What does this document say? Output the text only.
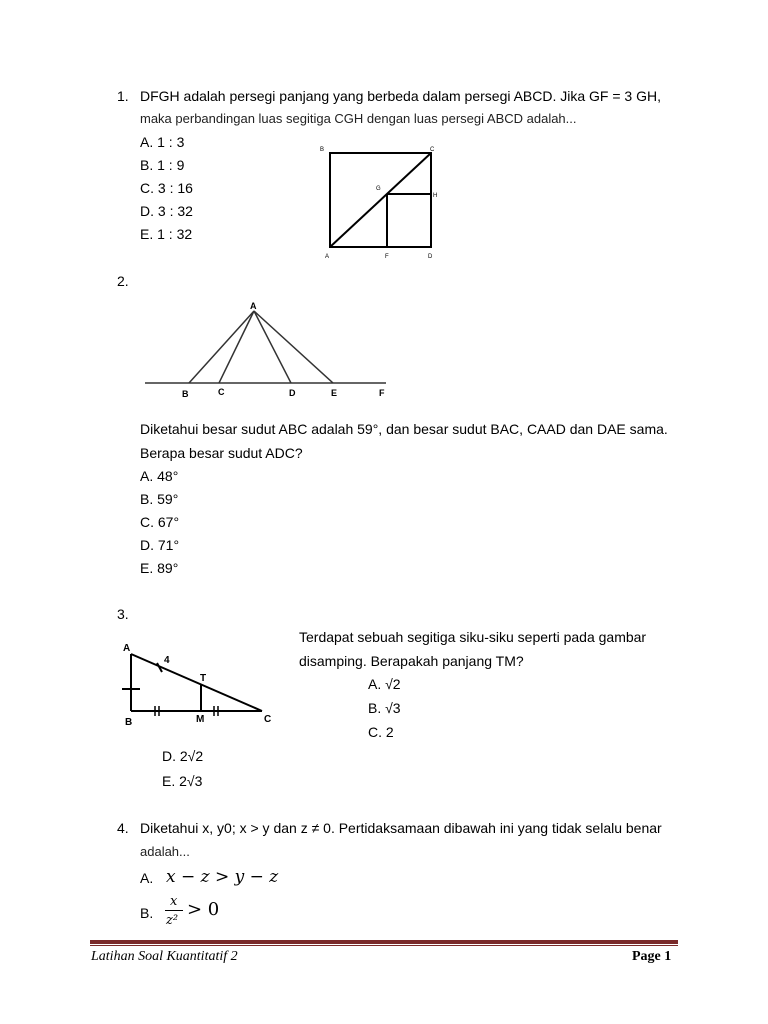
1. DFGH adalah persegi panjang yang berbeda dalam persegi ABCD. Jika GF = 3 GH,
maka perbandingan luas segitiga CGH dengan luas persegi ABCD adalah...
A. 1 : 3
B. 1 : 9
C. 3 : 16
D. 3 : 32
E. 1 : 32
B	C
G
H
A	F	D
2.
A
B	C	D	E	F
Diketahui besar sudut ABC adalah 59°, dan besar sudut BAC, CAAD dan DAE sama.
Berapa besar sudut ADC?
A. 48°
B. 59°
C. 67°
D. 71°
E. 89°
3.
A
4
T
B	M	C
Terdapat sebuah segitiga siku-siku seperti pada gambar
disamping. Berapakah panjang TM?
A. √2
B. √3
C. 2
D. 2√2
E. 2√3
4. Diketahui x, y0; x > y dan z ≠ 0. Pertidaksamaan dibawah ini yang tidak selalu benar
adalah...
A. x − z > y − z
B.
x
z²
> 0
Latihan Soal Kuantitatif 2	Page 1
